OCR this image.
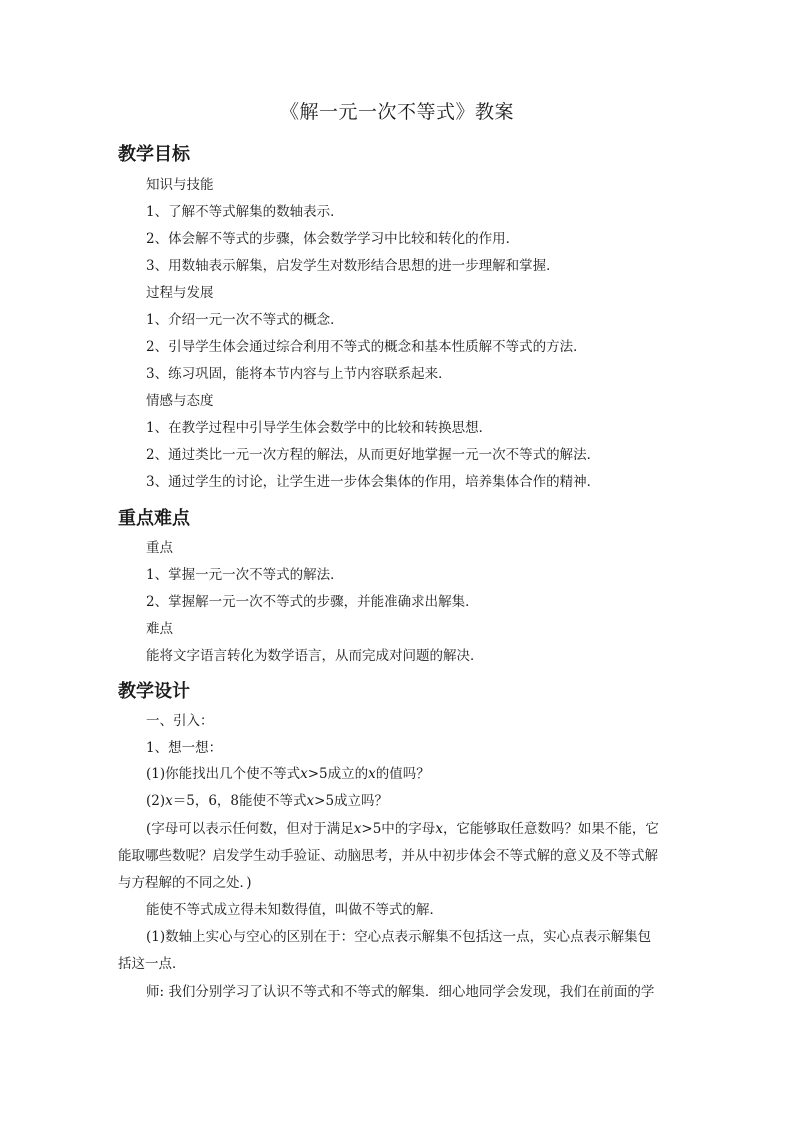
《解一元一次不等式》教案
教学目标
知识与技能
1、了解不等式解集的数轴表示．
2、体会解不等式的步骤，体会数学学习中比较和转化的作用．
3、用数轴表示解集，启发学生对数形结合思想的进一步理解和掌握．
过程与发展
1、介绍一元一次不等式的概念．
2、引导学生体会通过综合利用不等式的概念和基本性质解不等式的方法．
3、练习巩固，能将本节内容与上节内容联系起来．
情感与态度
1、在教学过程中引导学生体会数学中的比较和转换思想．
2、通过类比一元一次方程的解法，从而更好地掌握一元一次不等式的解法．
3、通过学生的讨论，让学生进一步体会集体的作用，培养集体合作的精神．
重点难点
重点
1、掌握一元一次不等式的解法．
2、掌握解一元一次不等式的步骤，并能准确求出解集．
难点
能将文字语言转化为数学语言，从而完成对问题的解决．
教学设计
一、引入：
1、想一想：
(1)你能找出几个使不等式x>5成立的x的值吗？
(2)x＝5，6，8能使不等式x>5成立吗？
(字母可以表示任何数，但对于满足x>5中的字母x，它能够取任意数吗？如果不能，它
能取哪些数呢？启发学生动手验证、动脑思考，并从中初步体会不等式解的意义及不等式解
与方程解的不同之处．)
能使不等式成立得未知数得值，叫做不等式的解．
(1)数轴上实心与空心的区别在于：空心点表示解集不包括这一点，实心点表示解集包
括这一点．
师: 我们分别学习了认识不等式和不等式的解集．细心地同学会发现，我们在前面的学
